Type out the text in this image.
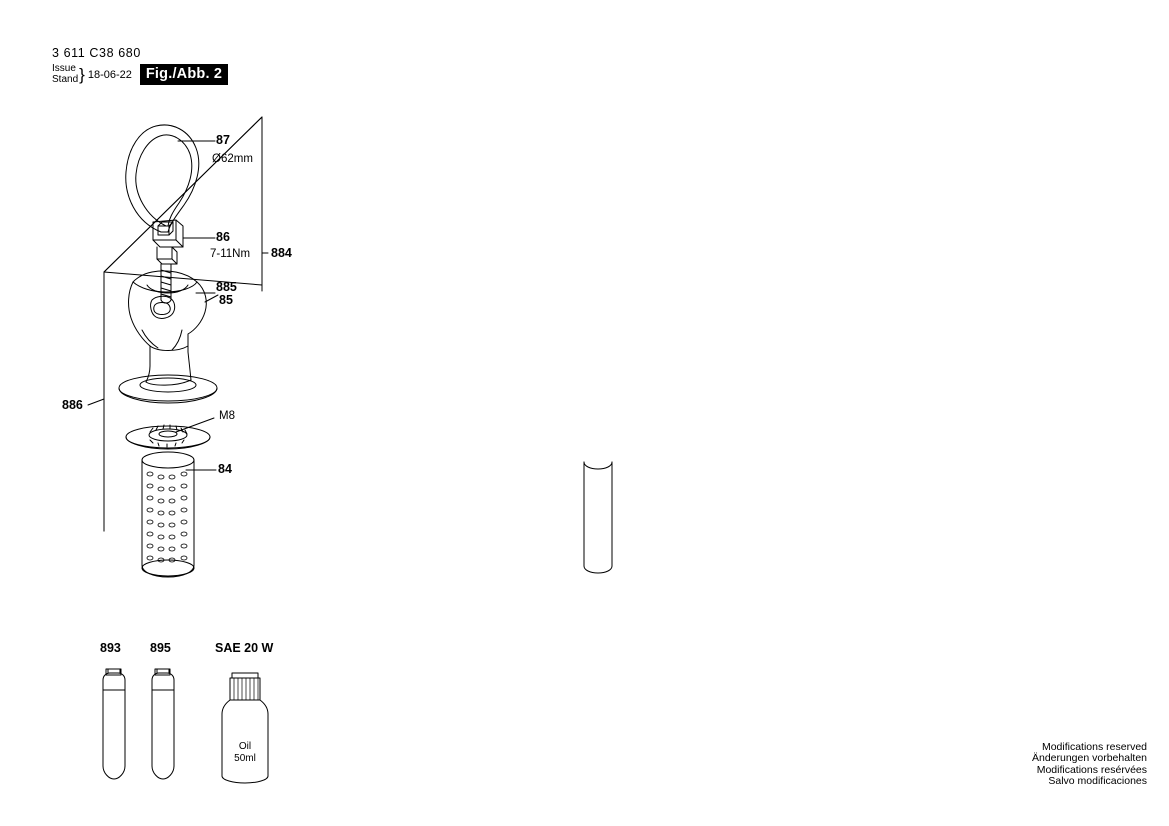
3 611 C38 680
Issue
Stand } 18-06-22 Fig./Abb. 2
87
Ø62mm
86
7-11Nm 884
885
85
886
M8
84
893 895	SAE 20 W
Oil
50ml
Modifications reserved
Änderungen vorbehalten
Modifications resérvées
Salvo modificaciones
